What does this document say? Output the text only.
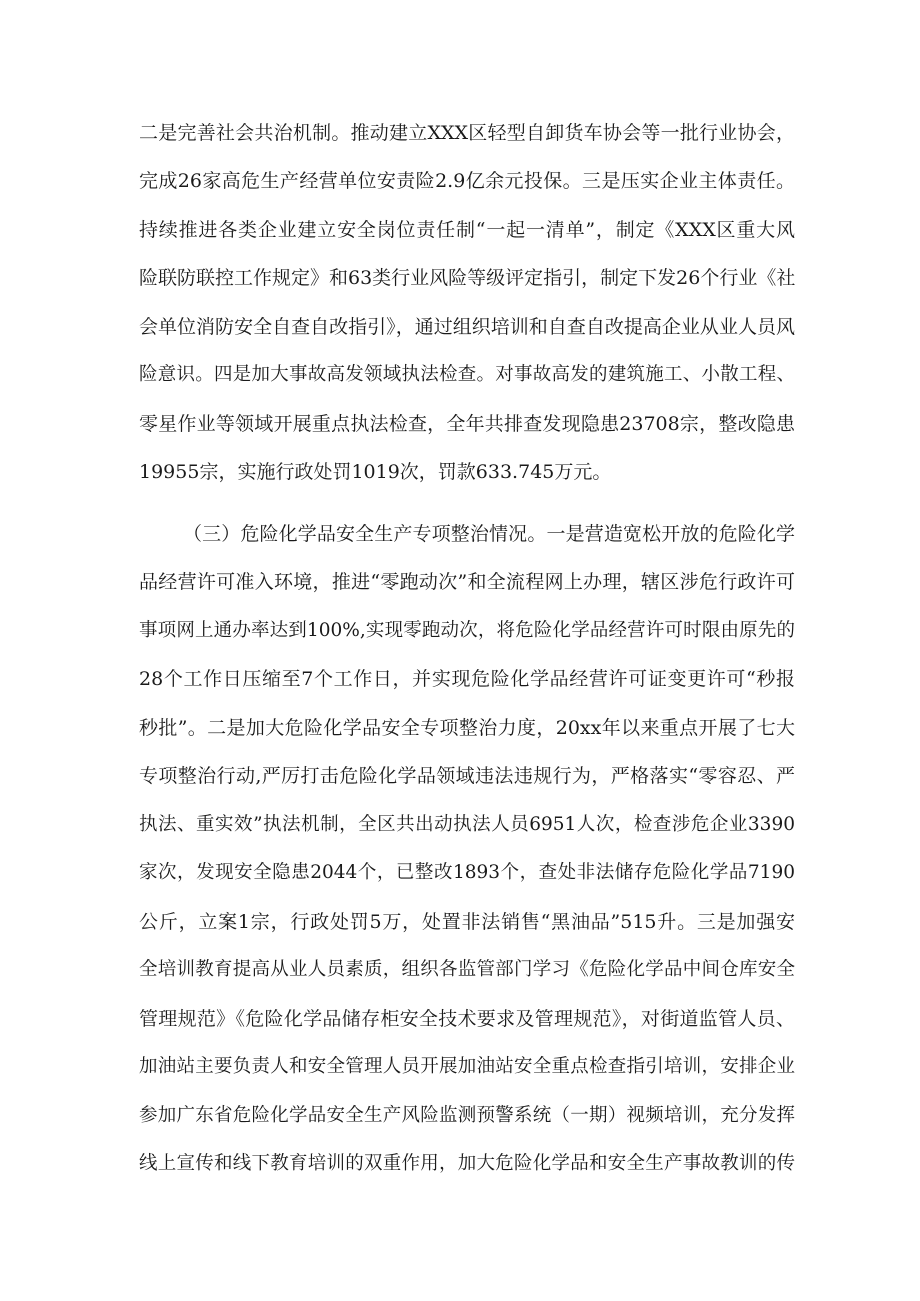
二是完善社会共治机制。推动建立XXX区轻型自卸货车协会等一批行业协会，
完成26家高危生产经营单位安责险2.9亿余元投保。三是压实企业主体责任。
持续推进各类企业建立安全岗位责任制“一起一清单”，制定《XXX区重大风
险联防联控工作规定》和63类行业风险等级评定指引，制定下发26个行业《社
会单位消防安全自查自改指引》，通过组织培训和自查自改提高企业从业人员风
险意识。四是加大事故高发领域执法检查。对事故高发的建筑施工、小散工程、
零星作业等领域开展重点执法检查，全年共排查发现隐患23708宗，整改隐患
19955宗，实施行政处罚1019次，罚款633.745万元。
（三）危险化学品安全生产专项整治情况。一是营造宽松开放的危险化学
品经营许可准入环境，推进“零跑动次”和全流程网上办理，辖区涉危行政许可
事项网上通办率达到100%,实现零跑动次，将危险化学品经营许可时限由原先的
28个工作日压缩至7个工作日，并实现危险化学品经营许可证变更许可“秒报
秒批”。二是加大危险化学品安全专项整治力度，20xx年以来重点开展了七大
专项整治行动,严厉打击危险化学品领域违法违规行为，严格落实“零容忍、严
执法、重实效”执法机制，全区共出动执法人员6951人次，检查涉危企业3390
家次，发现安全隐患2044个，已整改1893个，查处非法储存危险化学品7190
公斤，立案1宗，行政处罚5万，处置非法销售“黑油品”515升。三是加强安
全培训教育提高从业人员素质，组织各监管部门学习《危险化学品中间仓库安全
管理规范》《危险化学品储存柜安全技术要求及管理规范》，对街道监管人员、
加油站主要负责人和安全管理人员开展加油站安全重点检查指引培训，安排企业
参加广东省危险化学品安全生产风险监测预警系统（一期）视频培训，充分发挥
线上宣传和线下教育培训的双重作用，加大危险化学品和安全生产事故教训的传
